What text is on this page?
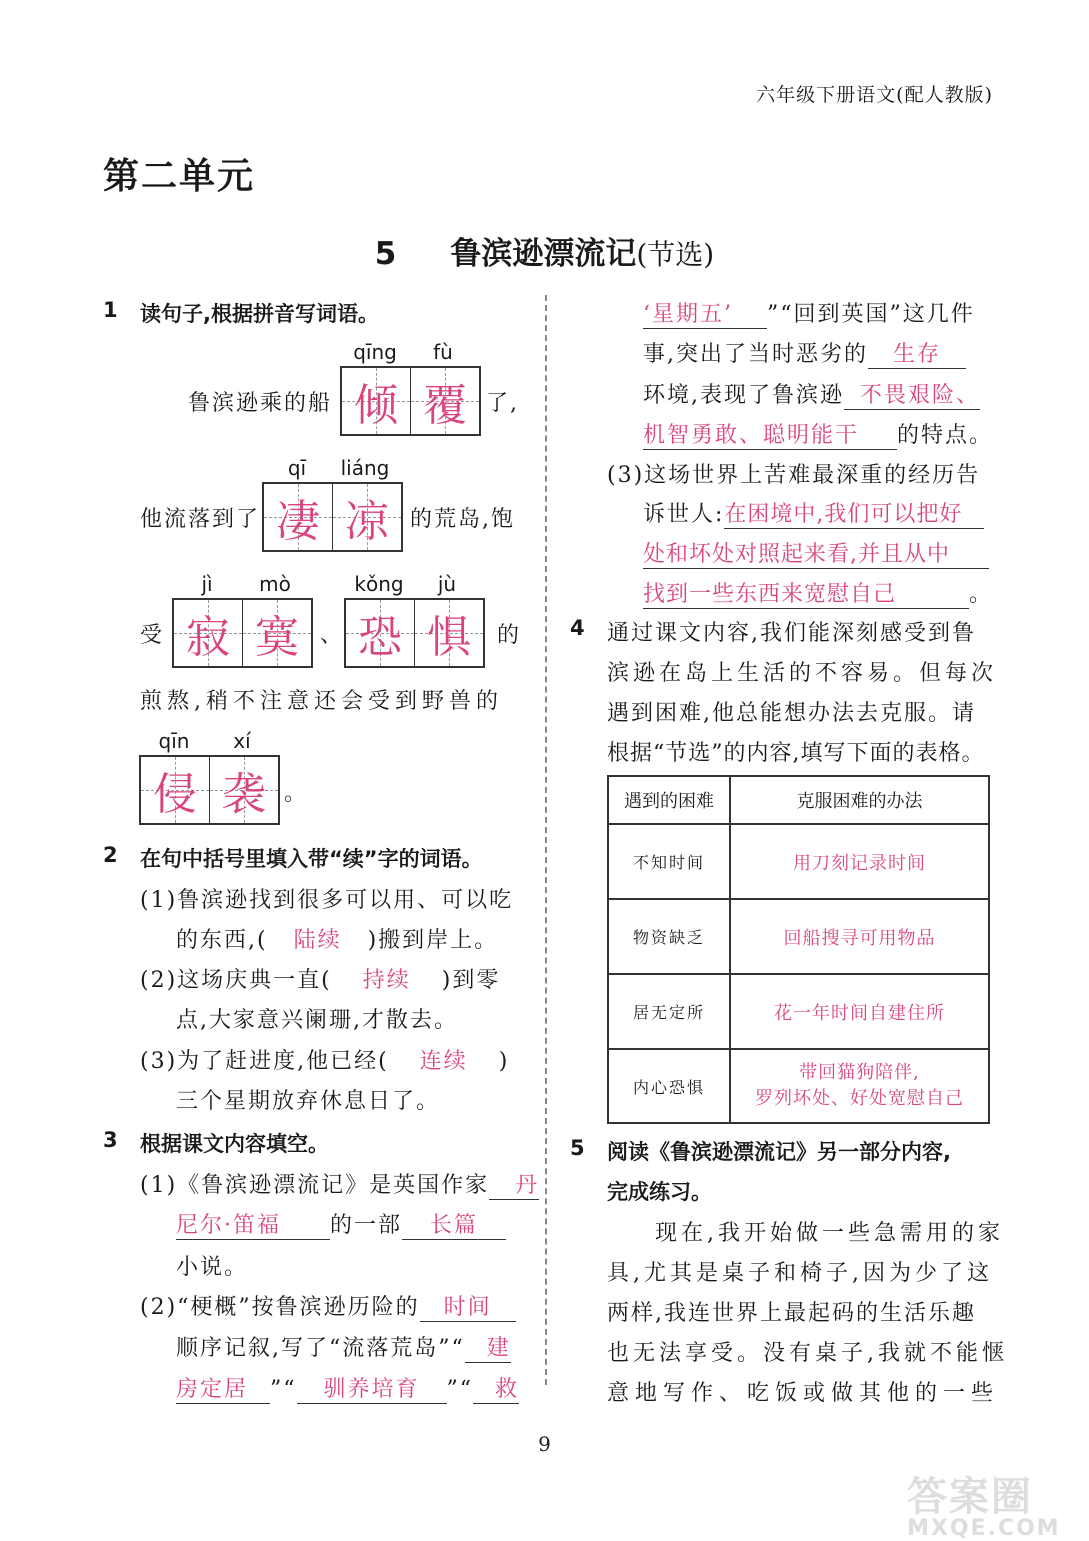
六年级下册语文(配人教版)
第二单元
5 鲁滨逊漂流记(节选)
1 读句子,根据拼音写词语。
鲁滨逊乘的船
qīng	fù
倾 覆 了,
他流落到了
qī	liáng
凄 凉 的荒岛,饱
受
jì	mò
寂 寞 、
kǒng	jù
恐 惧 的
煎熬,稍不注意还会受到野兽的
qīn	xí
侵 袭 。
2 在句中括号里填入带“续”字的词语。
(1)鲁滨逊找到很多可以用、可以吃
的东西,( 陆续 )搬到岸上。
(2)这场庆典一直( 持续 )到零
点,大家意兴阑珊,才散去。
(3)为了赶进度,他已经( 连续 )
三个星期放弃休息日了。
3 根据课文内容填空。
(1)《鲁滨逊漂流记》是英国作家 丹
尼尔·笛福 的一部 长篇
小说。
(2)“梗概”按鲁滨逊历险的 时间
顺序记叙,写了“流落荒岛”“ 建
房定居 ”“ 驯养培育 ”“ 救
‘星期五’ ”“回到英国”这几件
事,突出了当时恶劣的 生存
环境,表现了鲁滨逊 不畏艰险、
机智勇敢、聪明能干 的特点。
(3)这场世界上苦难最深重的经历告
诉世人:在困境中,我们可以把好
处和坏处对照起来看,并且从中
找到一些东西来宽慰自己	。
4 通过课文内容,我们能深刻感受到鲁
滨逊在岛上生活的不容易。但每次
遇到困难,他总能想办法去克服。请
根据“节选”的内容,填写下面的表格。
遇到的困难	克服困难的办法
不知时间	用刀刻记录时间
物资缺乏	回船搜寻可用物品
居无定所	花一年时间自建住所
内心恐惧	带回猫狗陪伴,
罗列坏处、好处宽慰自己
5 阅读《鲁滨逊漂流记》另一部分内容,
完成练习。
现在,我开始做一些急需用的家
具,尤其是桌子和椅子,因为少了这
两样,我连世界上最起码的生活乐趣
也无法享受。没有桌子,我就不能惬
意地写作、吃饭或做其他的一些
9
答案圈
MXQE.COM
